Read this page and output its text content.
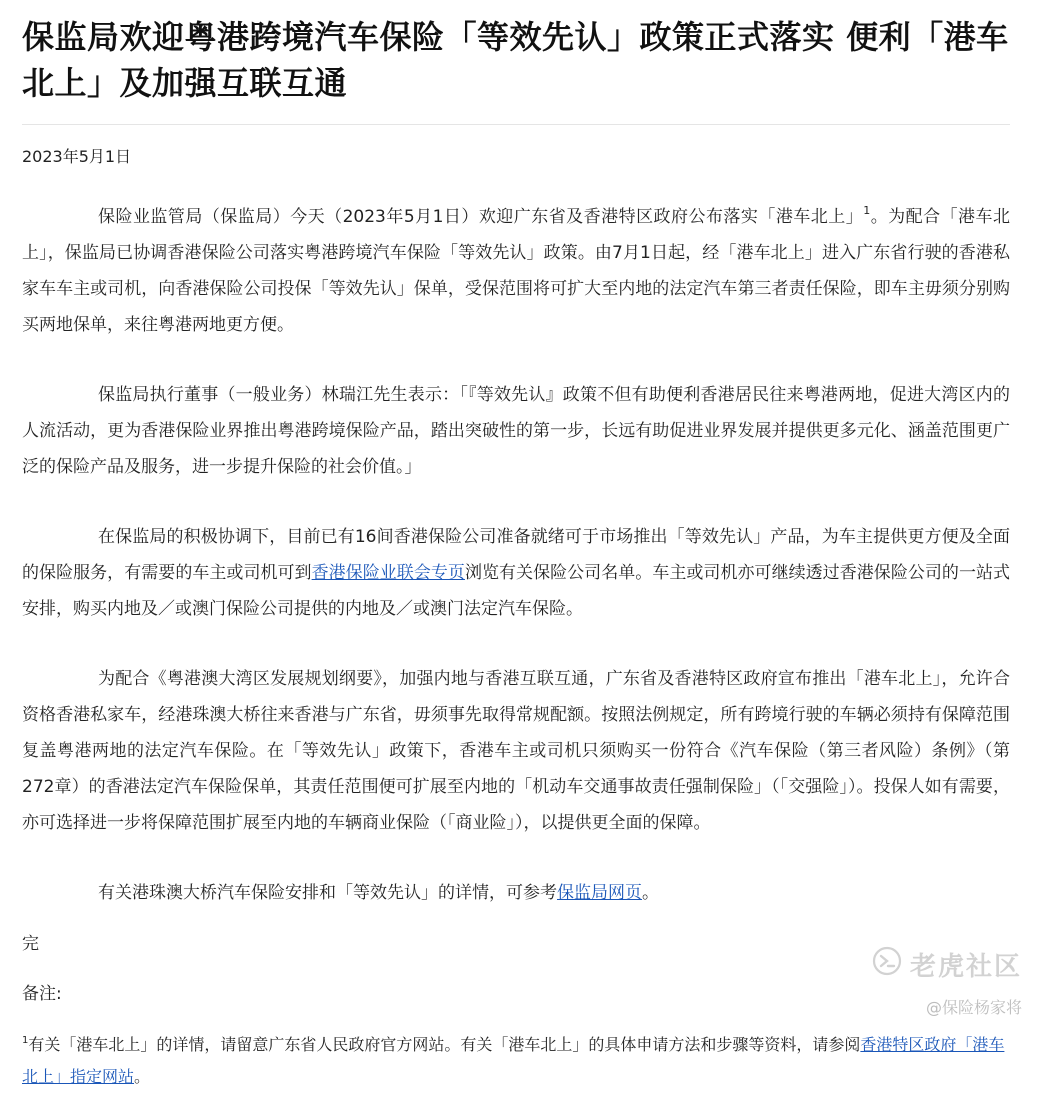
保监局欢迎粤港跨境汽车保险「等效先认」政策正式落实 便利「港车北上」及加强互联互通
2023年5月1日

保险业监管局（保监局）今天（2023年5月1日）欢迎广东省及香港特区政府公布落实「港车北上」$^1$。为配合「港车北上」，保监局已协调香港保险公司落实粤港跨境汽车保险「等效先认」政策。由7月1日起，经「港车北上」进入广东省行驶的香港私家车车主或司机，向香港保险公司投保「等效先认」保单，受保范围将可扩大至内地的法定汽车第三者责任保险，即车主毋须分别购买两地保单，来往粤港两地更方便。

保监局执行董事（一般业务）林瑞江先生表示：「『等效先认』政策不但有助便利香港居民往来粤港两地，促进大湾区内的人流活动，更为香港保险业界推出粤港跨境保险产品，踏出突破性的第一步，长远有助促进业界发展并提供更多元化、涵盖范围更广泛的保险产品及服务，进一步提升保险的社会价值。」

在保监局的积极协调下，目前已有16间香港保险公司准备就绪可于市场推出「等效先认」产品，为车主提供更方便及全面的保险服务，有需要的车主或司机可到香港保险业联会专页浏览有关保险公司名单。车主或司机亦可继续透过香港保险公司的一站式安排，购买内地及／或澳门保险公司提供的内地及／或澳门法定汽车保险。

为配合《粤港澳大湾区发展规划纲要》，加强内地与香港互联互通，广东省及香港特区政府宣布推出「港车北上」，允许合资格香港私家车，经港珠澳大桥往来香港与广东省，毋须事先取得常规配额。按照法例规定，所有跨境行驶的车辆必须持有保障范围复盖粤港两地的法定汽车保险。在「等效先认」政策下，香港车主或司机只须购买一份符合《汽车保险（第三者风险）条例》（第272章）的香港法定汽车保险保单，其责任范围便可扩展至内地的「机动车交通事故责任强制保险」（「交强险」）。投保人如有需要，亦可选择进一步将保障范围扩展至内地的车辆商业保险（「商业险」），以提供更全面的保障。

有关港珠澳大桥汽车保险安排和「等效先认」的详情，可参考保监局网页。

完
备注:
$^1$有关「港车北上」的详情，请留意广东省人民政府官方网站。有关「港车北上」的具体申请方法和步骤等资料，请参阅香港特区政府「港车北上」指定网站。
老虎社区
@保险杨家将
